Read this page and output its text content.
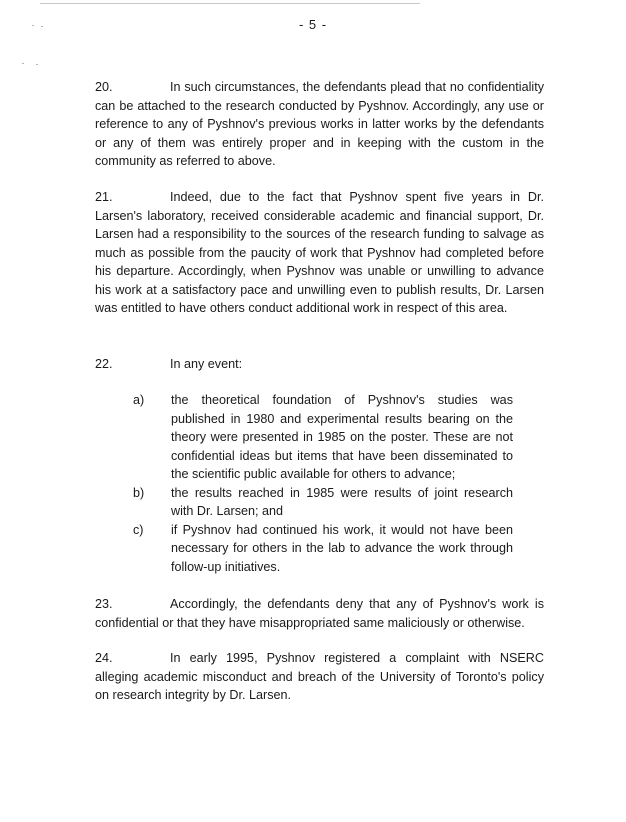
- 5 -
20.	In such circumstances, the defendants plead that no confidentiality can be attached to the research conducted by Pyshnov. Accordingly, any use or reference to any of Pyshnov's previous works in latter works by the defendants or any of them was entirely proper and in keeping with the custom in the community as referred to above.
21.	Indeed, due to the fact that Pyshnov spent five years in Dr. Larsen's laboratory, received considerable academic and financial support, Dr. Larsen had a responsibility to the sources of the research funding to salvage as much as possible from the paucity of work that Pyshnov had completed before his departure. Accordingly, when Pyshnov was unable or unwilling to advance his work at a satisfactory pace and unwilling even to publish results, Dr. Larsen was entitled to have others conduct additional work in respect of this area.
22.	In any event:
a)	the theoretical foundation of Pyshnov's studies was published in 1980 and experimental results bearing on the theory were presented in 1985 on the poster. These are not confidential ideas but items that have been disseminated to the scientific public available for others to advance;
b)	the results reached in 1985 were results of joint research with Dr. Larsen; and
c)	if Pyshnov had continued his work, it would not have been necessary for others in the lab to advance the work through follow-up initiatives.
23.	Accordingly, the defendants deny that any of Pyshnov's work is confidential or that they have misappropriated same maliciously or otherwise.
24.	In early 1995, Pyshnov registered a complaint with NSERC alleging academic misconduct and breach of the University of Toronto's policy on research integrity by Dr. Larsen.
